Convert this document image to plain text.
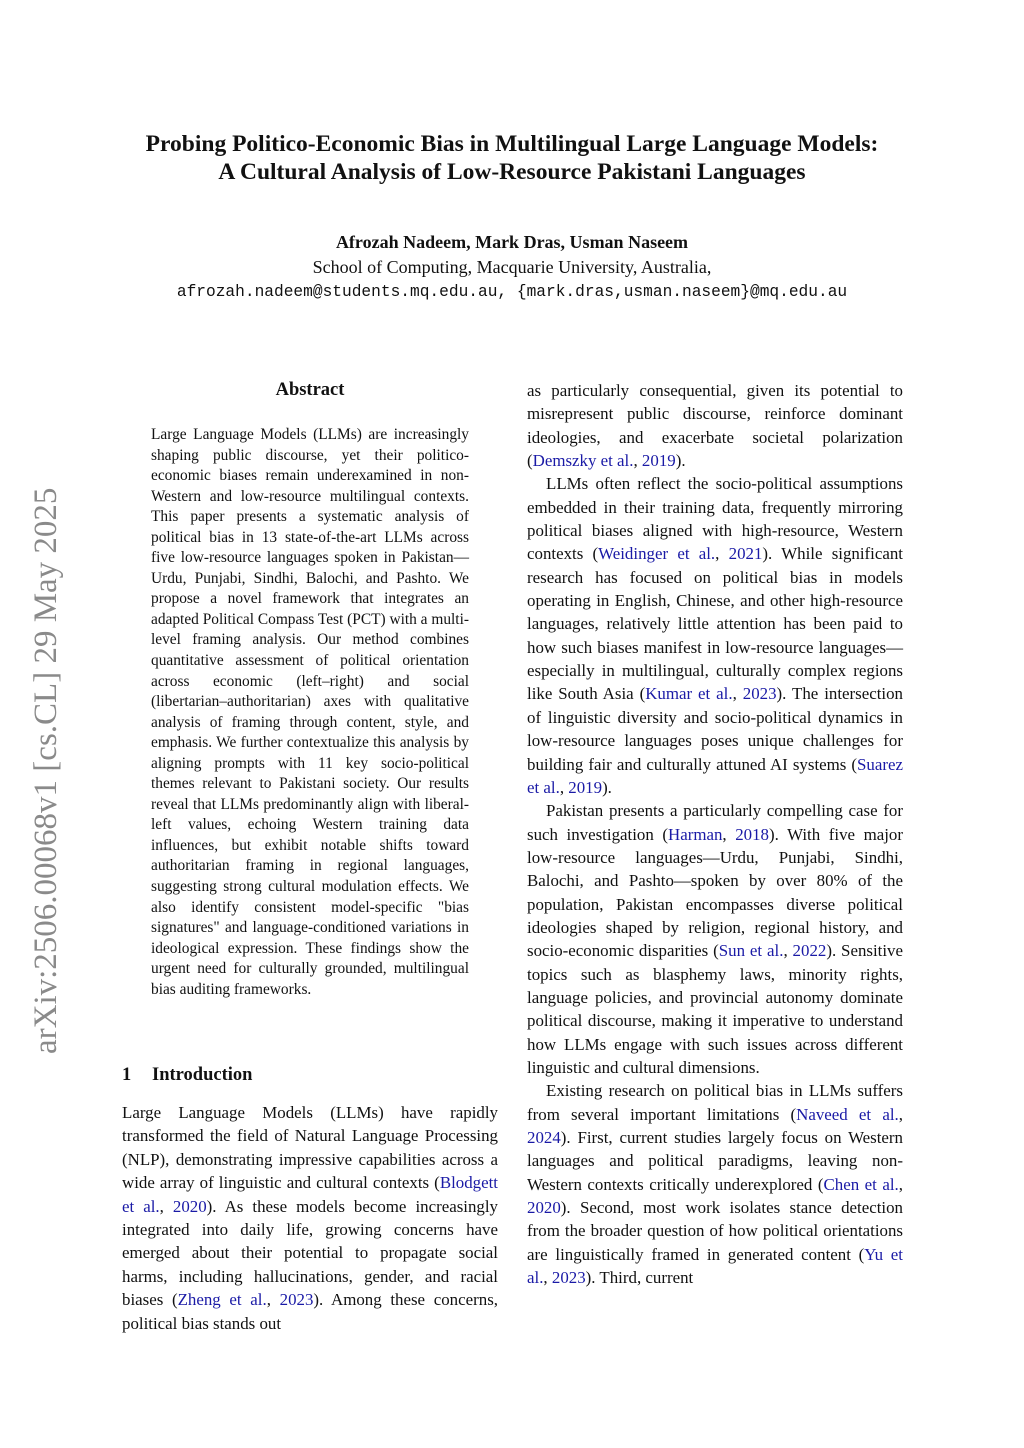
Probing Politico-Economic Bias in Multilingual Large Language Models:
A Cultural Analysis of Low-Resource Pakistani Languages
Afrozah Nadeem, Mark Dras, Usman Naseem
School of Computing, Macquarie University, Australia,
afrozah.nadeem@students.mq.edu.au, {mark.dras,usman.naseem}@mq.edu.au
arXiv:2506.00068v1 [cs.CL] 29 May 2025
Abstract
Large Language Models (LLMs) are increasingly shaping public discourse, yet their politico-economic biases remain underexamined in non-Western and low-resource multilingual contexts. This paper presents a systematic analysis of political bias in 13 state-of-the-art LLMs across five low-resource languages spoken in Pakistan—Urdu, Punjabi, Sindhi, Balochi, and Pashto. We propose a novel framework that integrates an adapted Political Compass Test (PCT) with a multi-level framing analysis. Our method combines quantitative assessment of political orientation across economic (left–right) and social (libertarian–authoritarian) axes with qualitative analysis of framing through content, style, and emphasis. We further contextualize this analysis by aligning prompts with 11 key socio-political themes relevant to Pakistani society. Our results reveal that LLMs predominantly align with liberal-left values, echoing Western training data influences, but exhibit notable shifts toward authoritarian framing in regional languages, suggesting strong cultural modulation effects. We also identify consistent model-specific "bias signatures" and language-conditioned variations in ideological expression. These findings show the urgent need for culturally grounded, multilingual bias auditing frameworks.
1 Introduction

Large Language Models (LLMs) have rapidly transformed the field of Natural Language Processing (NLP), demonstrating impressive capabilities across a wide array of linguistic and cultural contexts (Blodgett et al., 2020). As these models become increasingly integrated into daily life, growing concerns have emerged about their potential to propagate social harms, including hallucinations, gender, and racial biases (Zheng et al., 2023). Among these concerns, political bias stands out

as particularly consequential, given its potential to misrepresent public discourse, reinforce dominant ideologies, and exacerbate societal polarization (Demszky et al., 2019).

LLMs often reflect the socio-political assumptions embedded in their training data, frequently mirroring political biases aligned with high-resource, Western contexts (Weidinger et al., 2021). While significant research has focused on political bias in models operating in English, Chinese, and other high-resource languages, relatively little attention has been paid to how such biases manifest in low-resource languages—especially in multilingual, culturally complex regions like South Asia (Kumar et al., 2023). The intersection of linguistic diversity and socio-political dynamics in low-resource languages poses unique challenges for building fair and culturally attuned AI systems (Suarez et al., 2019).

Pakistan presents a particularly compelling case for such investigation (Harman, 2018). With five major low-resource languages—Urdu, Punjabi, Sindhi, Balochi, and Pashto—spoken by over 80% of the population, Pakistan encompasses diverse political ideologies shaped by religion, regional history, and socio-economic disparities (Sun et al., 2022). Sensitive topics such as blasphemy laws, minority rights, language policies, and provincial autonomy dominate political discourse, making it imperative to understand how LLMs engage with such issues across different linguistic and cultural dimensions.

Existing research on political bias in LLMs suffers from several important limitations (Naveed et al., 2024). First, current studies largely focus on Western languages and political paradigms, leaving non-Western contexts critically underexplored (Chen et al., 2020). Second, most work isolates stance detection from the broader question of how political orientations are linguistically framed in generated content (Yu et al., 2023). Third, current
